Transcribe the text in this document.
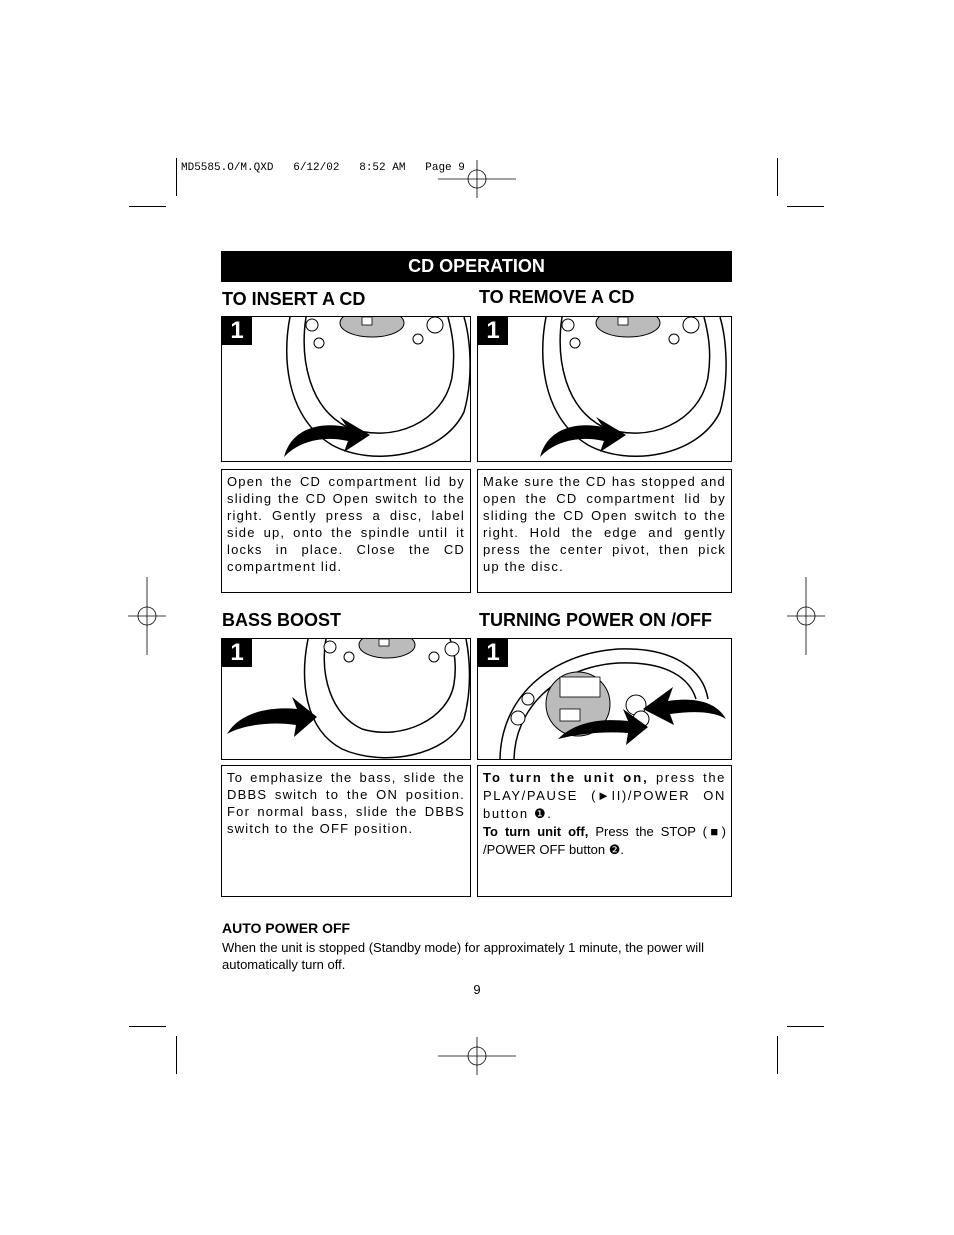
MD5585.O/M.QXD   6/12/02   8:52 AM   Page 9
CD OPERATION
TO INSERT A CD	TO REMOVE A CD
BASS BOOST	TURNING POWER ON /OFF
1	1
Open the CD compartment lid by sliding the CD Open switch to the right. Gently press a disc, label side up, onto the spindle until it locks in place. Close the CD compartment lid.
Make sure the CD has stopped and open the CD compartment lid by sliding the CD Open switch to the right. Hold the edge and gently press the center pivot, then pick up the disc.
1	1
To emphasize the bass, slide the DBBS switch to the ON position. For normal bass, slide the DBBS switch to the OFF position.
To turn the unit on, press the PLAY/PAUSE (►II)/POWER ON button ❶.
To turn unit off, Press the STOP (■) /POWER OFF button ❷.
AUTO POWER OFF
When the unit is stopped (Standby mode) for approximately 1 minute, the power will automatically turn off.
9
